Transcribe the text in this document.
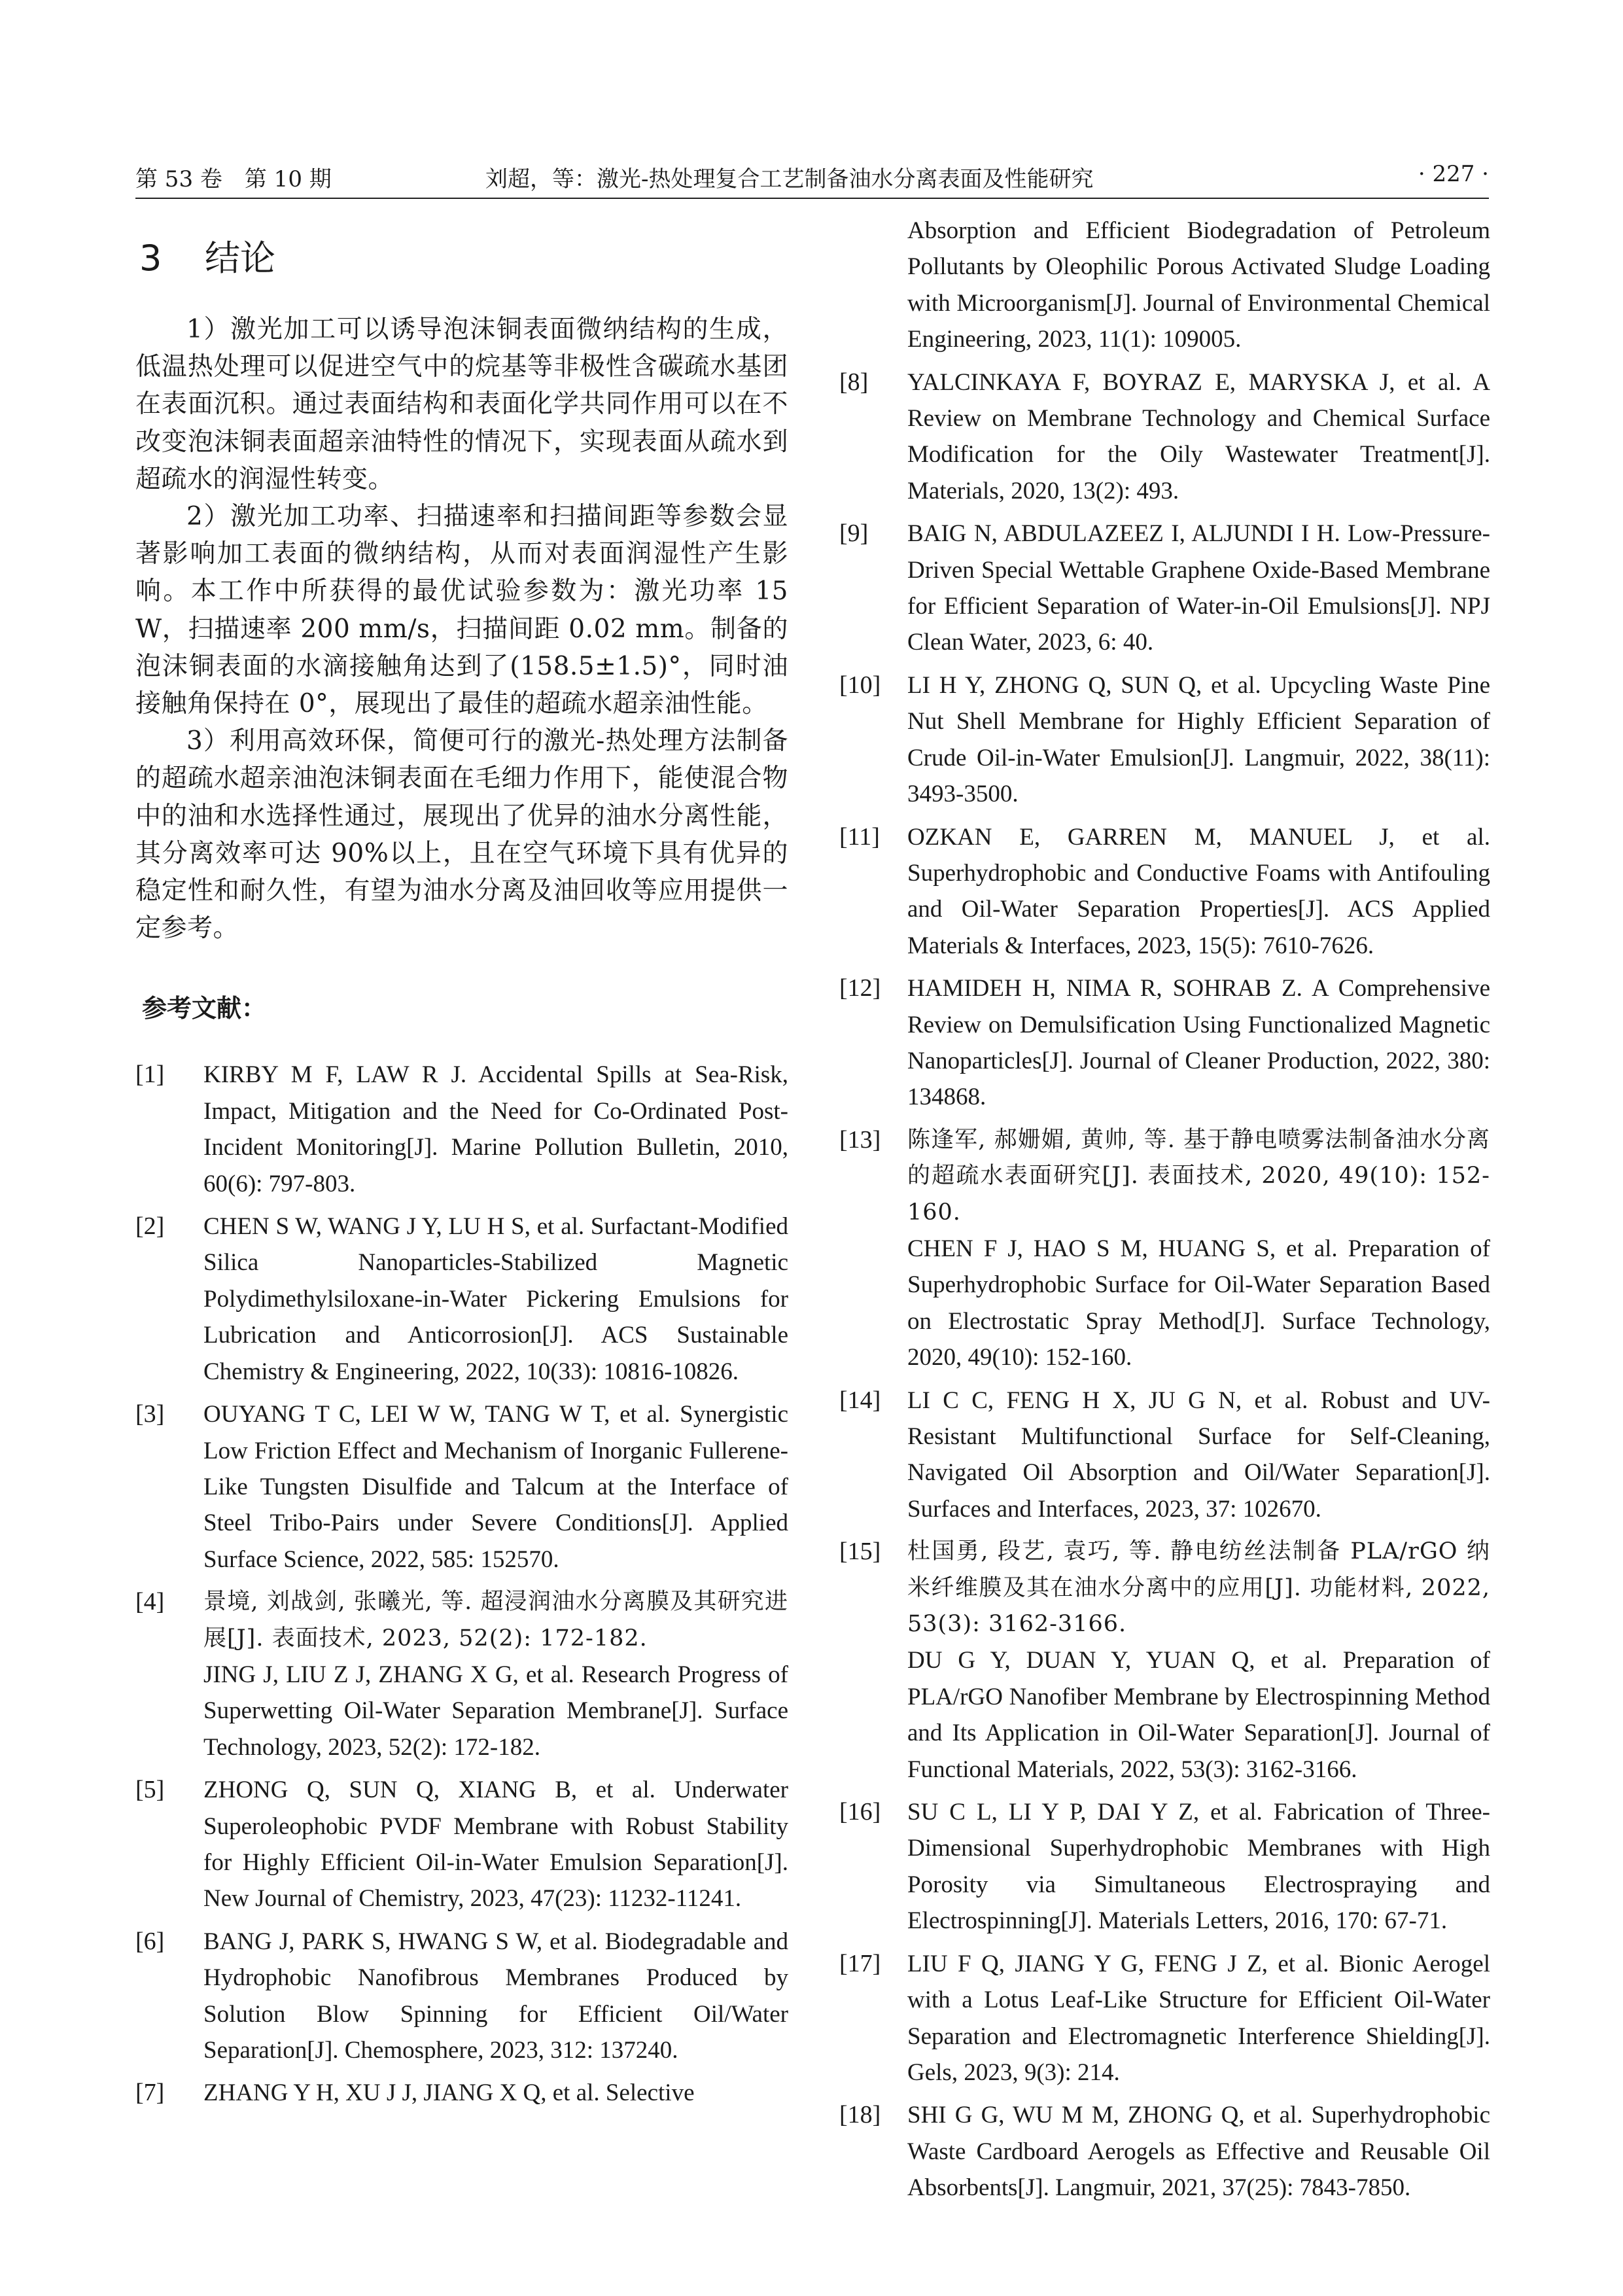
第 53 卷　第 10 期	刘超，等：激光-热处理复合工艺制备油水分离表面及性能研究	· 227 ·
3 结论

1）激光加工可以诱导泡沫铜表面微纳结构的生成，低温热处理可以促进空气中的烷基等非极性含碳疏水基团在表面沉积。通过表面结构和表面化学共同作用可以在不改变泡沫铜表面超亲油特性的情况下，实现表面从疏水到超疏水的润湿性转变。

2）激光加工功率、扫描速率和扫描间距等参数会显著影响加工表面的微纳结构，从而对表面润湿性产生影响。本工作中所获得的最优试验参数为：激光功率 15 W，扫描速率 200 mm/s，扫描间距 0.02 mm。制备的泡沫铜表面的水滴接触角达到了(158.5±1.5)°，同时油接触角保持在 0°，展现出了最佳的超疏水超亲油性能。

3）利用高效环保，简便可行的激光-热处理方法制备的超疏水超亲油泡沫铜表面在毛细力作用下，能使混合物中的油和水选择性通过，展现出了优异的油水分离性能，其分离效率可达 90%以上，且在空气环境下具有优异的稳定性和耐久性，有望为油水分离及油回收等应用提供一定参考。

参考文献：
[1]	KIRBY M F, LAW R J. Accidental Spills at Sea-Risk, Impact, Mitigation and the Need for Co-Ordinated Post-Incident Monitoring[J]. Marine Pollution Bulletin, 2010, 60(6): 797-803.
[2]	CHEN S W, WANG J Y, LU H S, et al. Surfactant-Modified Silica Nanoparticles-Stabilized Magnetic Polydimethylsiloxane-in-Water Pickering Emulsions for Lubrication and Anticorrosion[J]. ACS Sustainable Chemistry & Engineering, 2022, 10(33): 10816-10826.
[3]	OUYANG T C, LEI W W, TANG W T, et al. Synergistic Low Friction Effect and Mechanism of Inorganic Fullerene-Like Tungsten Disulfide and Talcum at the Interface of Steel Tribo-Pairs under Severe Conditions[J]. Applied Surface Science, 2022, 585: 152570.
[4]	景境, 刘战剑, 张曦光, 等. 超浸润油水分离膜及其研究进展[J]. 表面技术, 2023, 52(2): 172-182.
JING J, LIU Z J, ZHANG X G, et al. Research Progress of Superwetting Oil-Water Separation Membrane[J]. Surface Technology, 2023, 52(2): 172-182.
[5]	ZHONG Q, SUN Q, XIANG B, et al. Underwater Superoleophobic PVDF Membrane with Robust Stability for Highly Efficient Oil-in-Water Emulsion Separation[J]. New Journal of Chemistry, 2023, 47(23): 11232-11241.
[6]	BANG J, PARK S, HWANG S W, et al. Biodegradable and Hydrophobic Nanofibrous Membranes Produced by Solution Blow Spinning for Efficient Oil/Water Separation[J]. Chemosphere, 2023, 312: 137240.
[7]	ZHANG Y H, XU J J, JIANG X Q, et al. Selective
Absorption and Efficient Biodegradation of Petroleum Pollutants by Oleophilic Porous Activated Sludge Loading with Microorganism[J]. Journal of Environmental Chemical Engineering, 2023, 11(1): 109005.
[8]	YALCINKAYA F, BOYRAZ E, MARYSKA J, et al. A Review on Membrane Technology and Chemical Surface Modification for the Oily Wastewater Treatment[J]. Materials, 2020, 13(2): 493.
[9]	BAIG N, ABDULAZEEZ I, ALJUNDI I H. Low-Pressure-Driven Special Wettable Graphene Oxide-Based Membrane for Efficient Separation of Water-in-Oil Emulsions[J]. NPJ Clean Water, 2023, 6: 40.
[10]	LI H Y, ZHONG Q, SUN Q, et al. Upcycling Waste Pine Nut Shell Membrane for Highly Efficient Separation of Crude Oil-in-Water Emulsion[J]. Langmuir, 2022, 38(11): 3493-3500.
[11]	OZKAN E, GARREN M, MANUEL J, et al. Superhydrophobic and Conductive Foams with Antifouling and Oil-Water Separation Properties[J]. ACS Applied Materials & Interfaces, 2023, 15(5): 7610-7626.
[12]	HAMIDEH H, NIMA R, SOHRAB Z. A Comprehensive Review on Demulsification Using Functionalized Magnetic Nanoparticles[J]. Journal of Cleaner Production, 2022, 380: 134868.
[13]	陈逢军, 郝姗媚, 黄帅, 等. 基于静电喷雾法制备油水分离的超疏水表面研究[J]. 表面技术, 2020, 49(10): 152-160.
CHEN F J, HAO S M, HUANG S, et al. Preparation of Superhydrophobic Surface for Oil-Water Separation Based on Electrostatic Spray Method[J]. Surface Technology, 2020, 49(10): 152-160.
[14]	LI C C, FENG H X, JU G N, et al. Robust and UV-Resistant Multifunctional Surface for Self-Cleaning, Navigated Oil Absorption and Oil/Water Separation[J]. Surfaces and Interfaces, 2023, 37: 102670.
[15]	杜国勇, 段艺, 袁巧, 等. 静电纺丝法制备 PLA/rGO 纳米纤维膜及其在油水分离中的应用[J]. 功能材料, 2022, 53(3): 3162-3166.
DU G Y, DUAN Y, YUAN Q, et al. Preparation of PLA/rGO Nanofiber Membrane by Electrospinning Method and Its Application in Oil-Water Separation[J]. Journal of Functional Materials, 2022, 53(3): 3162-3166.
[16]	SU C L, LI Y P, DAI Y Z, et al. Fabrication of Three-Dimensional Superhydrophobic Membranes with High Porosity via Simultaneous Electrospraying and Electrospinning[J]. Materials Letters, 2016, 170: 67-71.
[17]	LIU F Q, JIANG Y G, FENG J Z, et al. Bionic Aerogel with a Lotus Leaf-Like Structure for Efficient Oil-Water Separation and Electromagnetic Interference Shielding[J]. Gels, 2023, 9(3): 214.
[18]	SHI G G, WU M M, ZHONG Q, et al. Superhydrophobic Waste Cardboard Aerogels as Effective and Reusable Oil Absorbents[J]. Langmuir, 2021, 37(25): 7843-7850.
